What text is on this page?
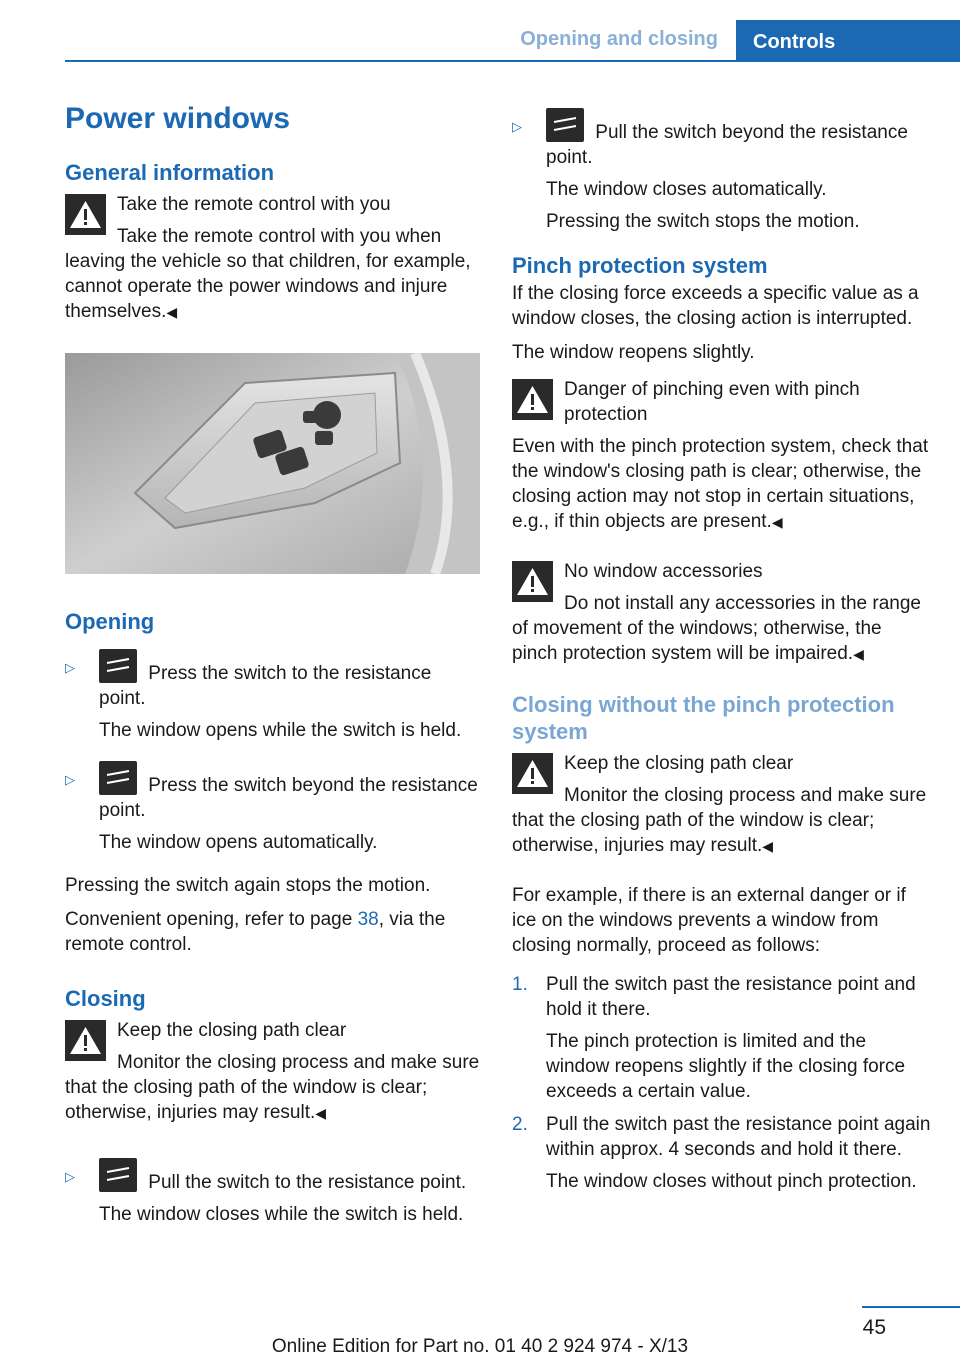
Opening and closing	Controls
Power windows
General information
Take the remote control with you
Take the remote control with you when leaving the vehicle so that children, for example, cannot operate the power windows and injure themselves.◀
Opening
▷	Press the switch to the resistance point.
The window opens while the switch is held.
▷	Press the switch beyond the resistance point.
The window opens automatically.

Pressing the switch again stops the motion.

Convenient opening, refer to page 38, via the remote control.

Closing
Keep the closing path clear
Monitor the closing process and make sure that the closing path of the window is clear; otherwise, injuries may result.◀
▷	Pull the switch to the resistance point.
The window closes while the switch is held.
▷	Pull the switch beyond the resistance point.
The window closes automatically.
Pressing the switch stops the motion.
Pinch protection system

If the closing force exceeds a specific value as a window closes, the closing action is interrupted.

The window reopens slightly.

Danger of pinching even with pinch protection
Even with the pinch protection system, check that the window's closing path is clear; otherwise, the closing action may not stop in certain situations, e.g., if thin objects are present.◀
No window accessories
Do not install any accessories in the range of movement of the windows; otherwise, the pinch protection system will be impaired.◀
Closing without the pinch protection system
Keep the closing path clear
Monitor the closing process and make sure that the closing path of the window is clear; otherwise, injuries may result.◀

For example, if there is an external danger or if ice on the windows prevents a window from closing normally, proceed as follows:

1. Pull the switch past the resistance point and hold it there.
The pinch protection is limited and the window reopens slightly if the closing force exceeds a certain value.
2. Pull the switch past the resistance point again within approx. 4 seconds and hold it there.
The window closes without pinch protection.
45
Online Edition for Part no. 01 40 2 924 974 - X/13
